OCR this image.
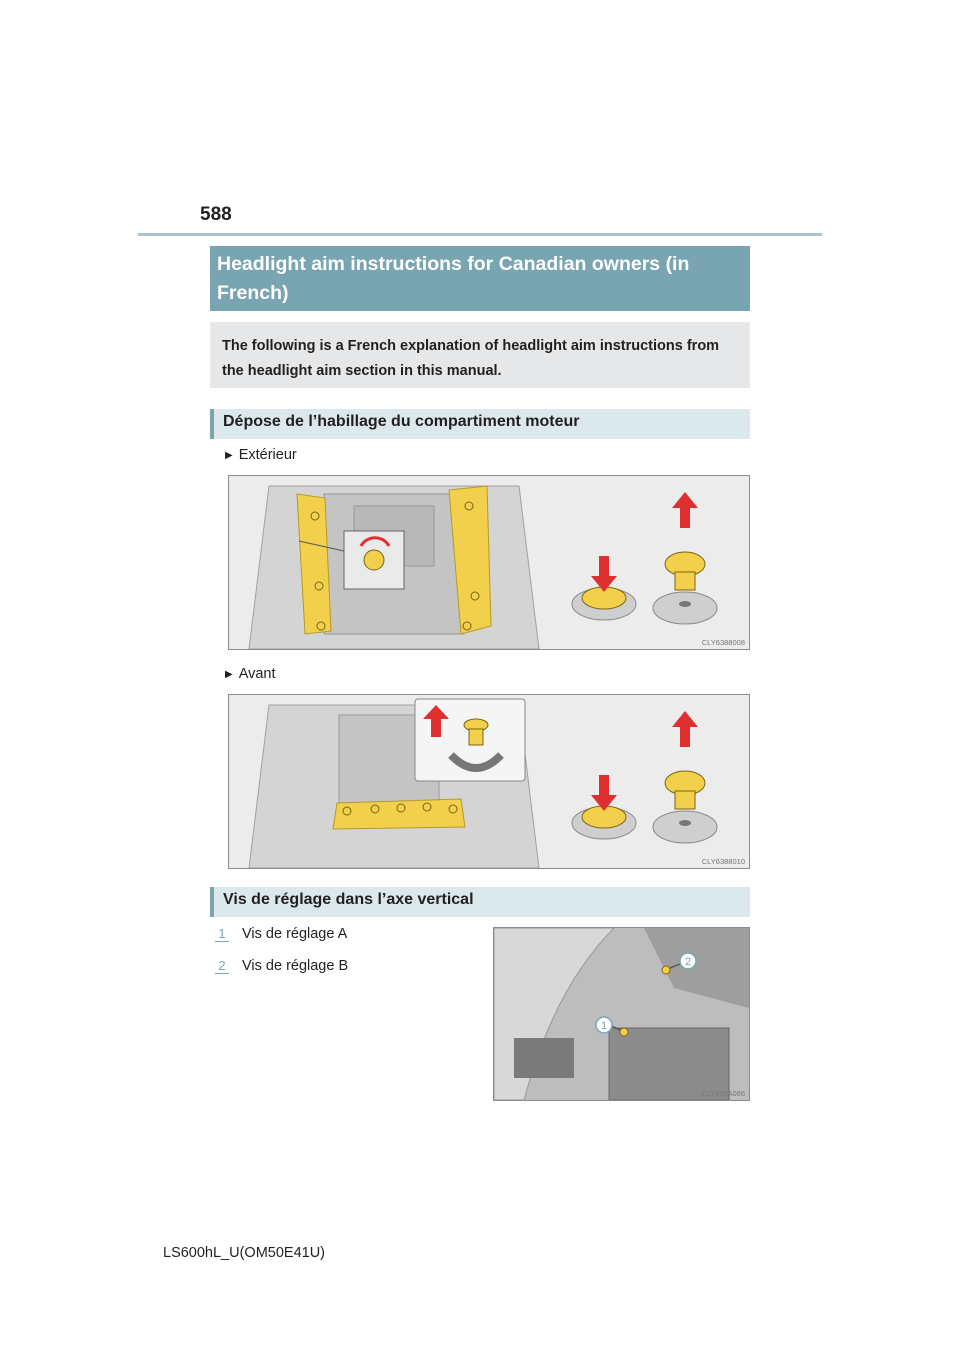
588
Headlight aim instructions for Canadian owners (in French)
The following is a French explanation of headlight aim instructions from the headlight aim section in this manual.
Dépose de l’habillage du compartiment moteur
▶ Extérieur
CLY6388008
▶ Avant
CLY6388010
Vis de réglage dans l’axe vertical
1 Vis de réglage A
2 Vis de réglage B	2
1
CLY638A086
LS600hL_U(OM50E41U)
